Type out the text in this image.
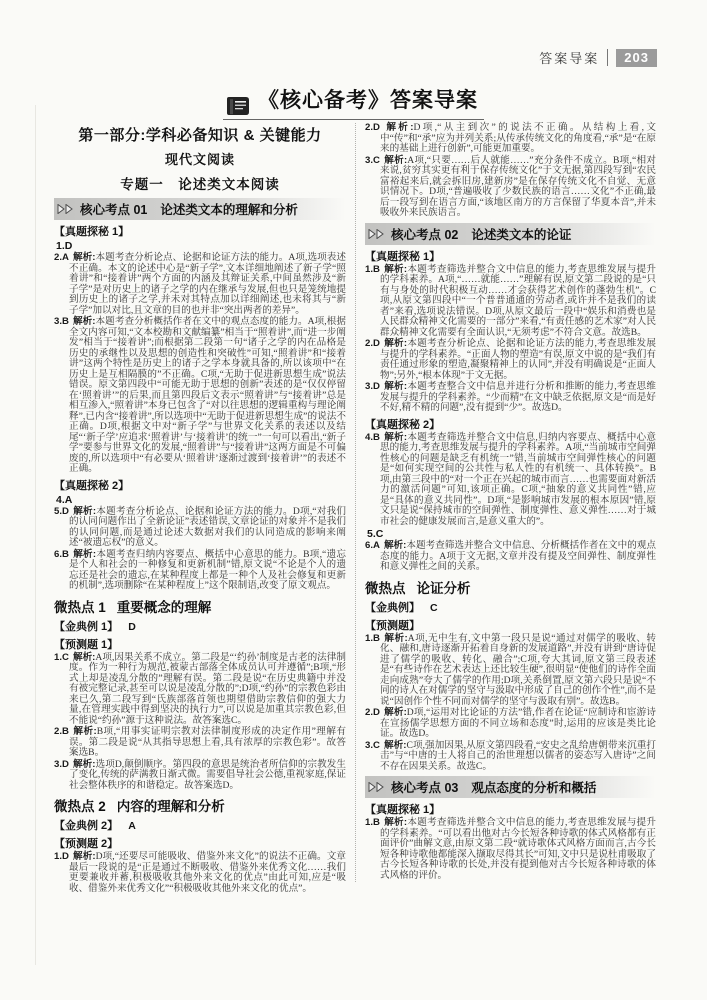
答案导案	203
《核心备考》答案导案

第一部分:学科必备知识 & 关键能力

现代文阅读

专题一　论述类文本阅读

核心考点 01 论述类文本的理解和分析

【真题探秘 1】

1.D

2.A 解析:本题考查分析论点、论据和论证方法的能力。A项,选项表述不正确。本文的论述中心是“新子学”,文本详细地阐述了新子学“照着讲”和“接着讲”两个方面的内涵及其辩证关系,中间虽然涉及“新子学”是对历史上的诸子之学的内在继承与发展,但也只是笼统地提到历史上的诸子之学,并未对其特点加以详细阐述,也未将其与“新子学”加以对比,且文章的目的也并非“突出两者的差异”。

3.B 解析:本题考查分析概括作者在文中的观点态度的能力。A项,根据全文内容可知,“文本校勘和文献编纂”相当于“照着讲”,而“进一步阐发”相当于“接着讲”;而根据第二段第一句“诸子之学的内在品格是历史的承继性以及思想的创造性和突破性”可知,“照着讲”和“接着讲”这两个特性是历史上的诸子之学本身就具备的,所以该项中“在历史上是互相隔膜的”不正确。C项,“无助于促进新思想生成”说法错误。原文第四段中“可能无助于思想的创新”表述的是“仅仅停留在‘照着讲’”的后果,而且第四段后文表示“照着讲”与“接着讲”总是相互渗入,“照着讲”本身已包含了“对以往思想的逻辑重构与理论阐释”,已内含“接着讲”,所以选项中“无助于促进新思想生成”的说法不正确。D项,根据文中对“新子学”与世界文化关系的表述以及结尾“‘新子学’应追求‘照着讲’与‘接着讲’的统一”一句可以看出,“新子学”要参与世界文化的发展,“照着讲”与“接着讲”这两方面是不可偏废的,所以选项中“有必要从‘照着讲’逐渐过渡到‘接着讲’”的表述不正确。

【真题探秘 2】

4.A

5.D 解析:本题考查分析论点、论据和论证方法的能力。D项,“对我们的认同问题作出了全新论证”表述错误,文章论证的对象并不是我们的认同问题,而是通过论述大数据对我们的认同造成的影响来阐述“被遗忘权”的意义。

6.B 解析:本题考查归纳内容要点、概括中心意思的能力。B项,“遗忘是个人和社会的一种修复和更新机制”错,原文说“不论是个人的遗忘还是社会的遗忘,在某种程度上都是一种个人及社会修复和更新的机制”,选项删除“在某种程度上”这个限制语,改变了原文观点。

微热点 1 重要概念的理解

【金典例 1】 D

【预测题 1】

1.C 解析:A项,因果关系不成立。第二段是“‘约孙’制度是古老的法律制度。作为一种行为规范,被蒙古部落全体成员认可并遵循”;B项,“形式上却是凌乱分散的”理解有误。第二段是说“在历史典籍中并没有被完整记录,甚至可以说是凌乱分散的”;D项,“约孙”的宗教色彩由来已久,第二段写到“氏族部落首领也期望借助宗教信仰的强大力量,在管理实践中得到坚决的执行力”,可以说是加重其宗教色彩,但不能说“约孙”源于这种说法。故答案选C。

2.B 解析:B项,“用事实证明宗教对法律制度形成的决定作用”理解有误。第二段是说“从其指导思想上看,具有浓厚的宗教色彩”。故答案选B。

3.D 解析:选项D,颠倒顺序。第四段的意思是统治者所信仰的宗教发生了变化,传统的萨满教日渐式微。需要倡导社会公德,重视家庭,保证社会整体秩序的和谐稳定。故答案选D。

微热点 2 内容的理解和分析

【金典例 2】 A

【预测题 2】

1.D 解析:D项,“还要尽可能吸收、借鉴外来文化”的说法不正确。文章最后一段说的是“正是通过不断吸收、借鉴外来优秀文化……我们更要兼收并蓄,积极吸收其他外来文化的优点”由此可知,应是“吸收、借鉴外来优秀文化”“积极吸收其他外来文化的优点”。

2.D 解析:D项,“从主到次”的说法不正确。从结构上看,文中“传”和“承”应为并列关系;从传承传统文化的角度看,“承”是“在原来的基础上进行创新”,可能更加重要。

3.C 解析:A项,“只要……后人就能……”充分条件不成立。B项,“相对来说,贫穷其实更有利于保存传统文化”于文无据,第四段写到“农民富裕起来后,就会拆旧房,建新房”是在保存传统文化不自觉、无意识情况下。D项,“普遍吸收了少数民族的语言……文化”不正确,最后一段写到在语言方面,“该地区南方的方言保留了华夏本音”,并未吸收外来民族语言。

核心考点 02 论述类文本的论证

【真题探秘 1】

1.B 解析:本题考查筛选并整合文中信息的能力,考查思维发展与提升的学科素养。A项,“……就能……”理解有误,原文第二段说的是“只有与身处的时代积极互动……才会获得艺术创作的蓬勃生机”。C项,从原文第四段中“一个普普通通的劳动者,或许并不是我们的读者”来看,选项说法错误。D项,从原文最后一段中“娱乐和消费也是人民群众精神文化需要的一部分”来看,“有责任感的艺术家”对人民群众精神文化需要有全面认识,“无须考虑”不符合文意。故选B。

2.D 解析:本题考查分析论点、论据和论证方法的能力,考查思维发展与提升的学科素养。“正面人物的塑造”有误,原文中说的是“我们有责任通过形象的塑造,凝聚精神上的认同”,并没有明确说是“正面人物”;另外,“根本体现”于文无据。

3.D 解析:本题考查整合文中信息并进行分析和推断的能力,考查思维发展与提升的学科素养。“少而精”在文中缺乏依据,原文是“而是好不好,精不精的问题”,没有提到“少”。故选D。

【真题探秘 2】

4.B 解析:本题考查筛选并整合文中信息,归纳内容要点、概括中心意思的能力,考查思维发展与提升的学科素养。A项,“当前城市空间弹性核心的问题是缺乏有机统一”错,当前城市空间弹性核心的问题是“如何实现空间的公共性与私人性的有机统一、具体转换”。B项,由第三段中的“对一个正在兴起的城市而言……也需要面对新活力的激活问题”可知,该项正确。C项,“抽象的意义共同性”错,应是“具体的意义共同性”。D项,“是影响城市发展的根本原因”错,原文只是说“保持城市的空间弹性、制度弹性、意义弹性……对于城市社会的健康发展而言,是意义重大的”。

5.C

6.A 解析:本题考查筛选并整合文中信息、分析概括作者在文中的观点态度的能力。A项于文无据,文章并没有提及空间弹性、制度弹性和意义弹性之间的关系。

微热点 论证分析

【金典例】 C

【预测题】

1.B 解析:A项,无中生有,文中第一段只是说“通过对儒学的吸收、转化、融和,唐诗逐渐开拓着自身新的发展道路”,并没有讲到“唐诗促进了儒学的吸收、转化、融合”;C项,夸大其词,原文第三段表述是“有些诗作在艺术表达上还比较生硬”,很明显“使他们的诗作全面走向成熟”夸大了儒学的作用;D项,关系倒置,原文第六段只是说“不同的诗人在对儒学的坚守与汲取中形成了自己的创作个性”,而不是说“因创作个性不同而对儒学的坚守与汲取有别”。故选B。

2.D 解析:D项,“运用对比论证的方法”错,作者在论证“应制诗和宦游诗在宣扬儒学思想方面的不同立场和态度”时,运用的应该是类比论证。故选D。

3.C 解析:C项,强加因果,从原文第四段看,“安史之乱给唐朝带来沉重打击”与“中唐的士人将自己的治世理想以儒者的姿态写入唐诗”之间不存在因果关系。故选C。

核心考点 03 观点态度的分析和概括

【真题探秘 1】

1.B 解析:本题考查筛选并整合文中信息的能力,考查思维发展与提升的学科素养。“可以看出他对古今长短各种诗歌的体式风格都有正面评价”曲解文意,由原文第二段“就诗歌体式风格方面而言,古今长短各种诗歌他都能深入撷取尽得其长”可知,文中只是说杜甫吸取了古今长短各种诗歌的长处,并没有提到他对古今长短各种诗歌的体式风格的评价。
